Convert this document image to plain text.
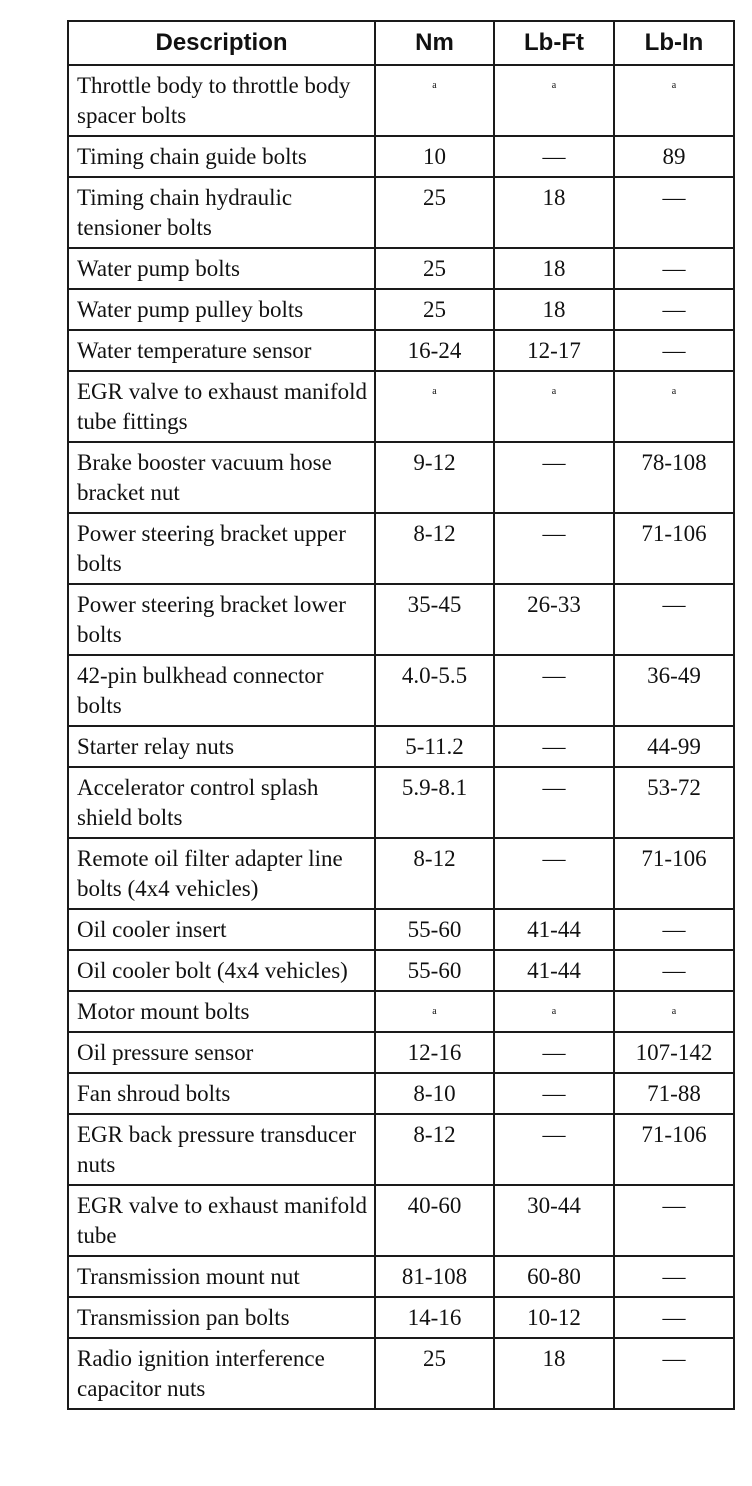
Description	Nm	Lb-Ft	Lb-In
Throttle body to throttle body spacer bolts	a	a	a
Timing chain guide bolts	10	—	89
Timing chain hydraulic tensioner bolts	25	18	—
Water pump bolts	25	18	—
Water pump pulley bolts	25	18	—
Water temperature sensor	16-24	12-17	—
EGR valve to exhaust manifold tube fittings	a	a	a
Brake booster vacuum hose bracket nut	9-12	—	78-108
Power steering bracket upper bolts	8-12	—	71-106
Power steering bracket lower bolts	35-45	26-33	—
42-pin bulkhead connector bolts	4.0-5.5	—	36-49
Starter relay nuts	5-11.2	—	44-99
Accelerator control splash shield bolts	5.9-8.1	—	53-72
Remote oil filter adapter line bolts (4x4 vehicles)	8-12	—	71-106
Oil cooler insert	55-60	41-44	—
Oil cooler bolt (4x4 vehicles)	55-60	41-44	—
Motor mount bolts	a	a	a
Oil pressure sensor	12-16	—	107-142
Fan shroud bolts	8-10	—	71-88
EGR back pressure transducer nuts	8-12	—	71-106
EGR valve to exhaust manifold tube	40-60	30-44	—
Transmission mount nut	81-108	60-80	—
Transmission pan bolts	14-16	10-12	—
Radio ignition interference capacitor nuts	25	18	—
